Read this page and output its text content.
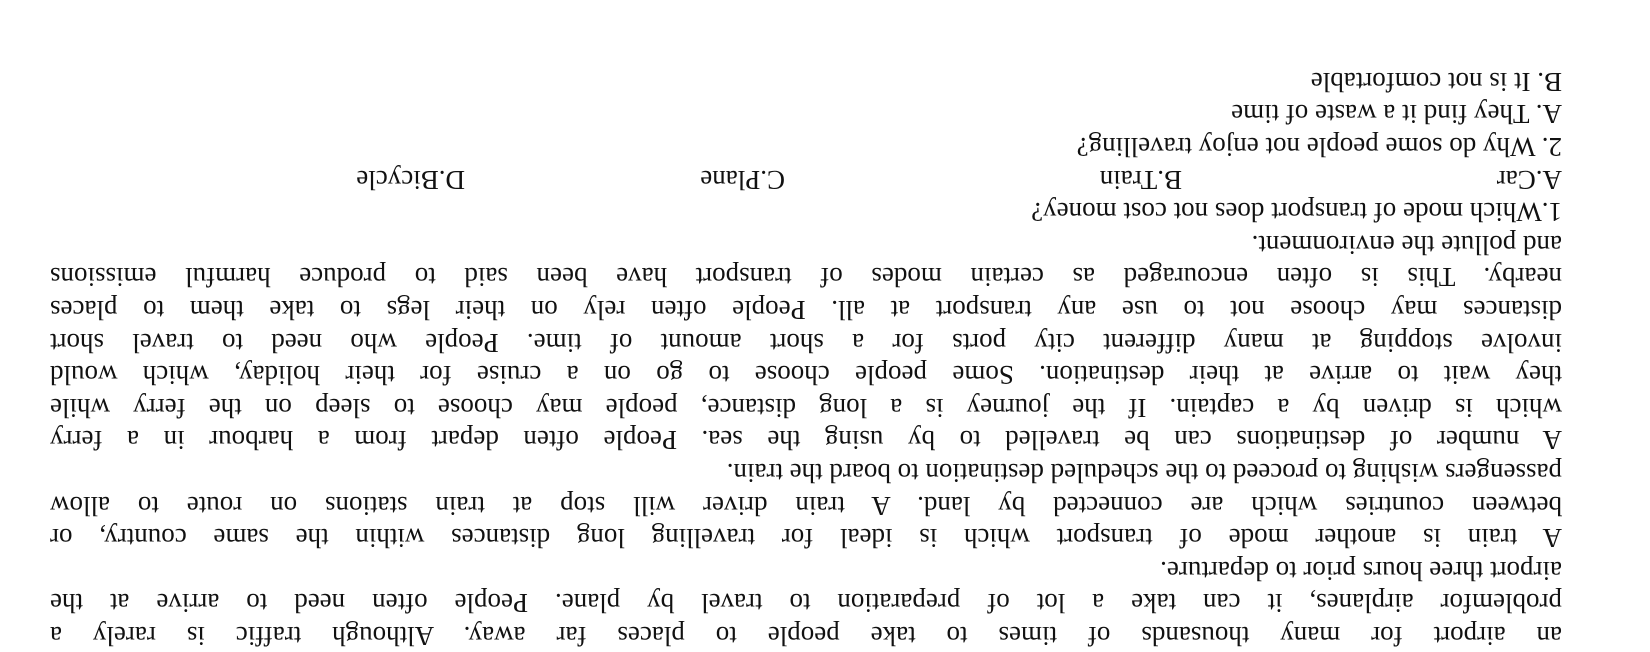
an airport for many thousands of times to take people to places far away. Although traffic is rarely a
problemfor airplanes, it can take a lot of preparation to travel by plane. People often need to arrive at the
airport three hours prior to departure.
A train is another mode of transport which is ideal for travelling long distances within the same country, or
between countries which are connected by land. A train driver will stop at train stations on route to allow
passengers wishing to proceed to the scheduled destination to board the train.
A number of destinations can be travelled to by using the sea. People often depart from a harbour in a ferry
which is driven by a captain. If the journey is a long distance, people may choose to sleep on the ferry while
they wait to arrive at their destination. Some people choose to go on a cruise for their holiday, which would
involve stopping at many different city ports for a short amount of time. People who need to travel short
distances may choose not to use any transport at all. People often rely on their legs to take them to places
nearby. This is often encouraged as certain modes of transport have been said to produce harmful emissions
and pollute the environment.
1.Which mode of transport does not cost money?
A.Car
B.Train
C.Plane
D.Bicycle
2. Why do some people not enjoy travelling?
A. They find it a waste of time
B. It is not comfortable
